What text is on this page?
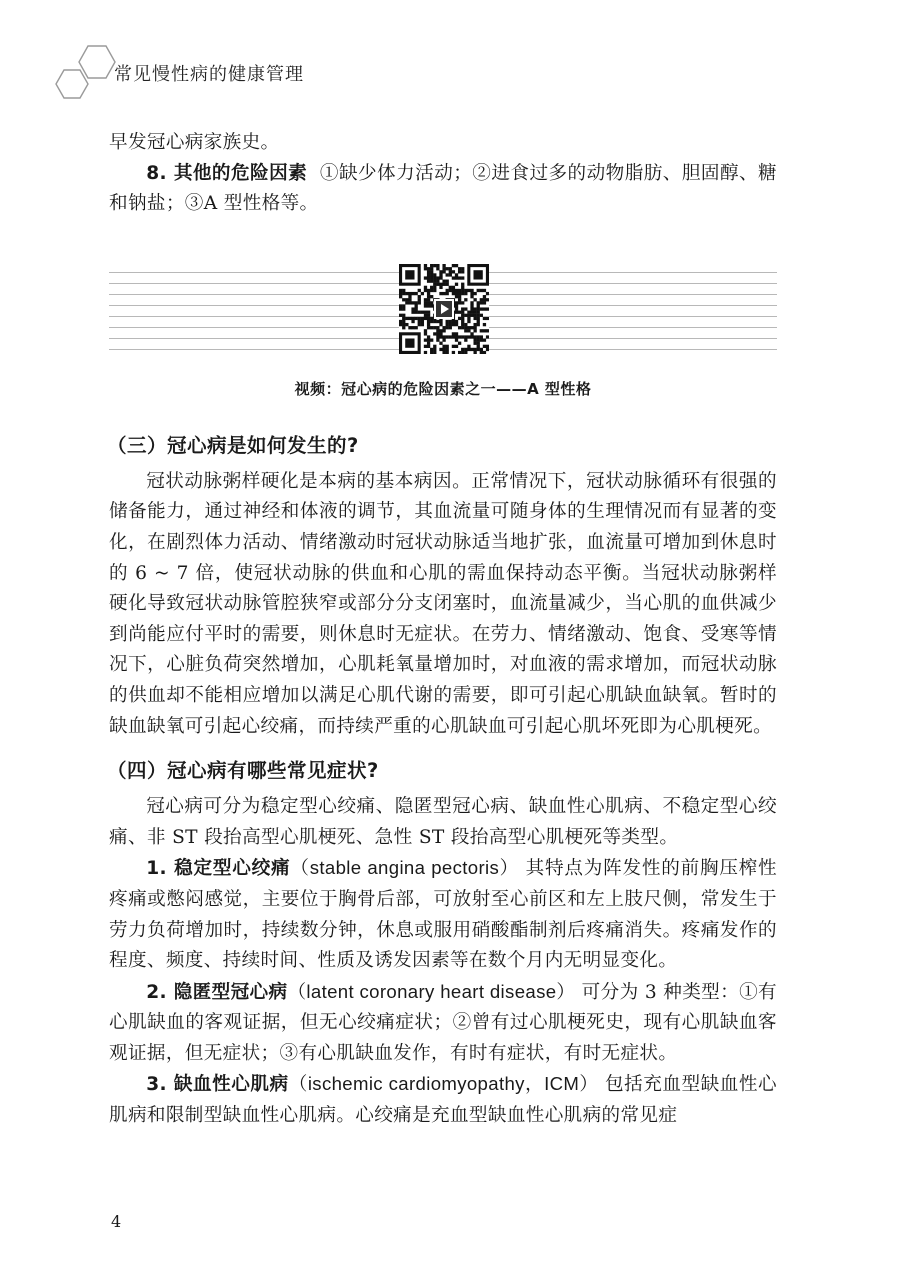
常见慢性病的健康管理

早发冠心病家族史。

8. 其他的危险因素 ①缺少体力活动；②进食过多的动物脂肪、胆固醇、糖和钠盐；③A 型性格等。

视频：冠心病的危险因素之一——A 型性格
（三）冠心病是如何发生的?

冠状动脉粥样硬化是本病的基本病因。正常情况下，冠状动脉循环有很强的储备能力，通过神经和体液的调节，其血流量可随身体的生理情况而有显著的变化，在剧烈体力活动、情绪激动时冠状动脉适当地扩张，血流量可增加到休息时的 6 ~ 7 倍，使冠状动脉的供血和心肌的需血保持动态平衡。当冠状动脉粥样硬化导致冠状动脉管腔狭窄或部分分支闭塞时，血流量减少，当心肌的血供减少到尚能应付平时的需要，则休息时无症状。在劳力、情绪激动、饱食、受寒等情况下，心脏负荷突然增加，心肌耗氧量增加时，对血液的需求增加，而冠状动脉的供血却不能相应增加以满足心肌代谢的需要，即可引起心肌缺血缺氧。暂时的缺血缺氧可引起心绞痛，而持续严重的心肌缺血可引起心肌坏死即为心肌梗死。

（四）冠心病有哪些常见症状?

冠心病可分为稳定型心绞痛、隐匿型冠心病、缺血性心肌病、不稳定型心绞痛、非 ST 段抬高型心肌梗死、急性 ST 段抬高型心肌梗死等类型。

1. 稳定型心绞痛（stable angina pectoris） 其特点为阵发性的前胸压榨性疼痛或憋闷感觉，主要位于胸骨后部，可放射至心前区和左上肢尺侧，常发生于劳力负荷增加时，持续数分钟，休息或服用硝酸酯制剂后疼痛消失。疼痛发作的程度、频度、持续时间、性质及诱发因素等在数个月内无明显变化。

2. 隐匿型冠心病（latent coronary heart disease） 可分为 3 种类型：①有心肌缺血的客观证据，但无心绞痛症状；②曾有过心肌梗死史，现有心肌缺血客观证据，但无症状；③有心肌缺血发作，有时有症状，有时无症状。

3. 缺血性心肌病（ischemic cardiomyopathy，ICM） 包括充血型缺血性心肌病和限制型缺血性心肌病。心绞痛是充血型缺血性心肌病的常见症

4
